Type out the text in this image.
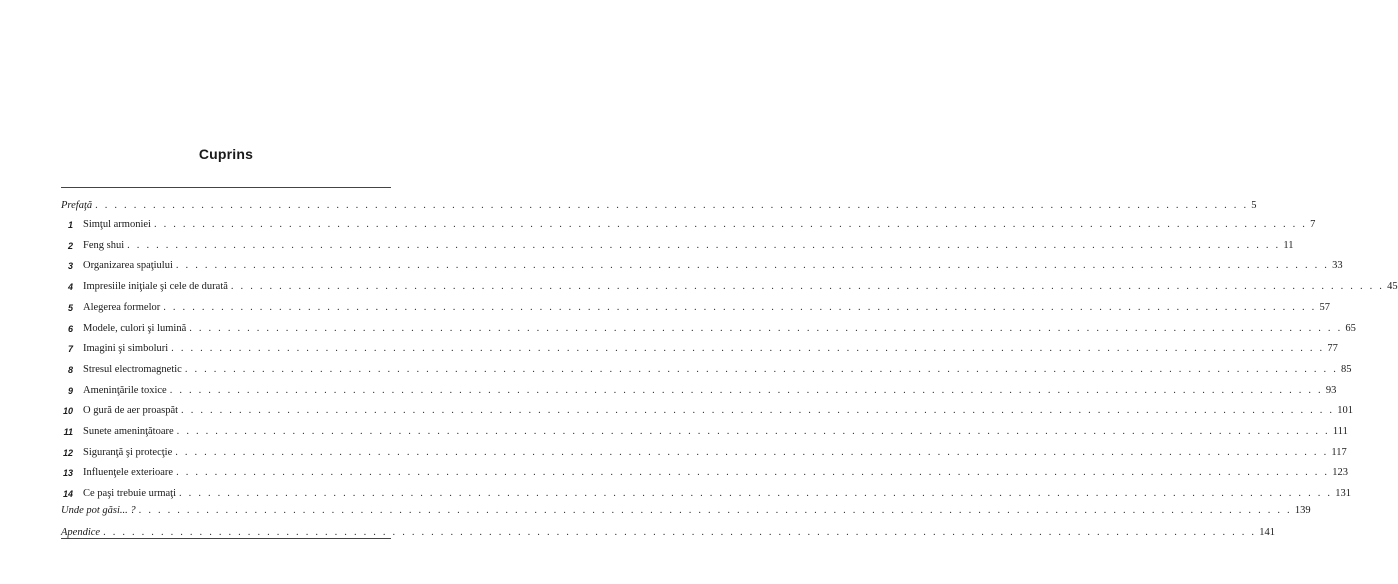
Cuprins
Prefaţă . . . . . . . . . . . . . . . . . . . . . . . . . . . . . . . . . . . . . . . . . . . . . . . . . . . . . . . . . . . . . . . . . . . . . . . . . . . . . . . . . . . . . . . . . . . . . . . . . . . . . . . . . . . . . . . . . . . . . . . . 5
1 Simţul armoniei . . . . . . . . . . . . . . . . . . . . . . . . . . . . . . . . . . . . . . . . . . . . . . . . . . . . . . . . . . . . . . . . . . . . . . . . . . . . . . . . . . . . . . . . . . . . . . . . . . . . . . . . . . . . . . . . . . . . . . . . 7
2 Feng shui . . . . . . . . . . . . . . . . . . . . . . . . . . . . . . . . . . . . . . . . . . . . . . . . . . . . . . . . . . . . . . . . . . . . . . . . . . . . . . . . . . . . . . . . . . . . . . . . . . . . . . . . . . . . . . . . . . . . . . . . 11
3 Organizarea spaţiului . . . . . . . . . . . . . . . . . . . . . . . . . . . . . . . . . . . . . . . . . . . . . . . . . . . . . . . . . . . . . . . . . . . . . . . . . . . . . . . . . . . . . . . . . . . . . . . . . . . . . . . . . . . . . . . . . . . . . . . . 33
4 Impresiile iniţiale şi cele de durată . . . . . . . . . . . . . . . . . . . . . . . . . . . . . . . . . . . . . . . . . . . . . . . . . . . . . . . . . . . . . . . . . . . . . . . . . . . . . . . . . . . . . . . . . . . . . . . . . . . . . . . . . . . . . . . . . . . . . . . . 45
5 Alegerea formelor . . . . . . . . . . . . . . . . . . . . . . . . . . . . . . . . . . . . . . . . . . . . . . . . . . . . . . . . . . . . . . . . . . . . . . . . . . . . . . . . . . . . . . . . . . . . . . . . . . . . . . . . . . . . . . . . . . . . . . . . 57
6 Modele, culori şi lumină . . . . . . . . . . . . . . . . . . . . . . . . . . . . . . . . . . . . . . . . . . . . . . . . . . . . . . . . . . . . . . . . . . . . . . . . . . . . . . . . . . . . . . . . . . . . . . . . . . . . . . . . . . . . . . . . . . . . . . . . 65
7 Imagini şi simboluri . . . . . . . . . . . . . . . . . . . . . . . . . . . . . . . . . . . . . . . . . . . . . . . . . . . . . . . . . . . . . . . . . . . . . . . . . . . . . . . . . . . . . . . . . . . . . . . . . . . . . . . . . . . . . . . . . . . . . . . . 77
8 Stresul electromagnetic . . . . . . . . . . . . . . . . . . . . . . . . . . . . . . . . . . . . . . . . . . . . . . . . . . . . . . . . . . . . . . . . . . . . . . . . . . . . . . . . . . . . . . . . . . . . . . . . . . . . . . . . . . . . . . . . . . . . . . . . 85
9 Ameninţările toxice . . . . . . . . . . . . . . . . . . . . . . . . . . . . . . . . . . . . . . . . . . . . . . . . . . . . . . . . . . . . . . . . . . . . . . . . . . . . . . . . . . . . . . . . . . . . . . . . . . . . . . . . . . . . . . . . . . . . . . . . 93
10 O gură de aer proaspăt . . . . . . . . . . . . . . . . . . . . . . . . . . . . . . . . . . . . . . . . . . . . . . . . . . . . . . . . . . . . . . . . . . . . . . . . . . . . . . . . . . . . . . . . . . . . . . . . . . . . . . . . . . . . . . . . . . . . . . . . 101
11 Sunete ameninţătoare . . . . . . . . . . . . . . . . . . . . . . . . . . . . . . . . . . . . . . . . . . . . . . . . . . . . . . . . . . . . . . . . . . . . . . . . . . . . . . . . . . . . . . . . . . . . . . . . . . . . . . . . . . . . . . . . . . . . . . . . 111
12 Siguranţă şi protecţie . . . . . . . . . . . . . . . . . . . . . . . . . . . . . . . . . . . . . . . . . . . . . . . . . . . . . . . . . . . . . . . . . . . . . . . . . . . . . . . . . . . . . . . . . . . . . . . . . . . . . . . . . . . . . . . . . . . . . . . . 117
13 Influenţele exterioare . . . . . . . . . . . . . . . . . . . . . . . . . . . . . . . . . . . . . . . . . . . . . . . . . . . . . . . . . . . . . . . . . . . . . . . . . . . . . . . . . . . . . . . . . . . . . . . . . . . . . . . . . . . . . . . . . . . . . . . . 123
14 Ce paşi trebuie urmaţi . . . . . . . . . . . . . . . . . . . . . . . . . . . . . . . . . . . . . . . . . . . . . . . . . . . . . . . . . . . . . . . . . . . . . . . . . . . . . . . . . . . . . . . . . . . . . . . . . . . . . . . . . . . . . . . . . . . . . . . . 131
Unde pot găsi... ? . . . . . . . . . . . . . . . . . . . . . . . . . . . . . . . . . . . . . . . . . . . . . . . . . . . . . . . . . . . . . . . . . . . . . . . . . . . . . . . . . . . . . . . . . . . . . . . . . . . . . . . . . . . . . . . . . . . . . . . . 139
Apendice . . . . . . . . . . . . . . . . . . . . . . . . . . . . . . . . . . . . . . . . . . . . . . . . . . . . . . . . . . . . . . . . . . . . . . . . . . . . . . . . . . . . . . . . . . . . . . . . . . . . . . . . . . . . . . . . . . . . . . . . 141
